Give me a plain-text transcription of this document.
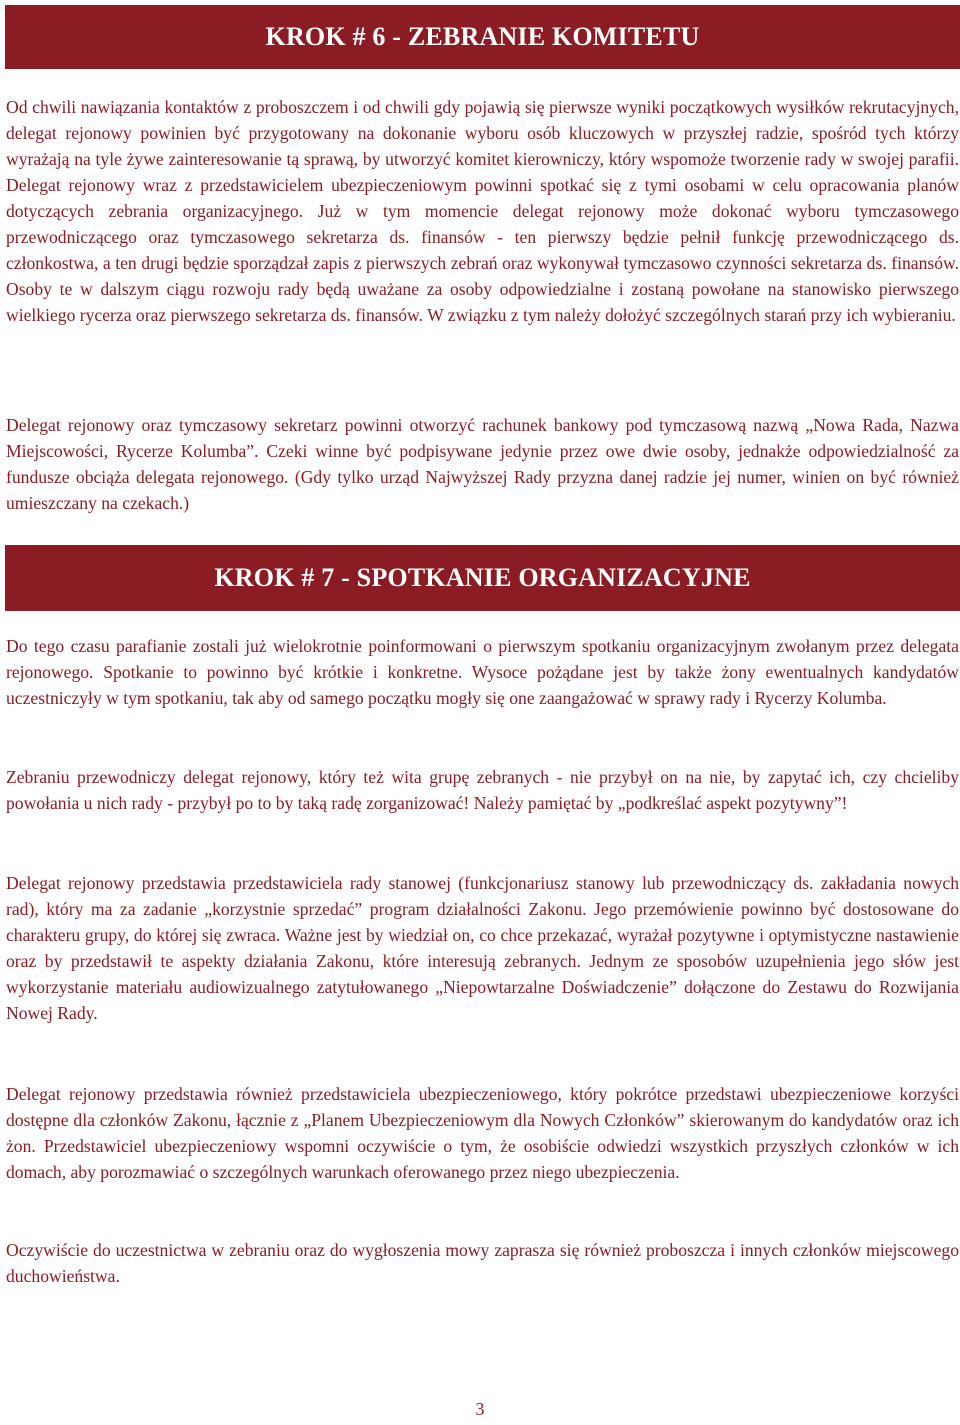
KROK # 6 - ZEBRANIE KOMITETU

Od chwili nawiązania kontaktów z proboszczem i od chwili gdy pojawią się pierwsze wyniki początkowych wysiłków rekrutacyjnych, delegat rejonowy powinien być przygotowany na dokonanie wyboru osób kluczowych w przyszłej radzie, spośród tych którzy wyrażają na tyle żywe zainteresowanie tą sprawą, by utworzyć komitet kierowniczy, który wspomoże tworzenie rady w swojej parafii. Delegat rejonowy wraz z przedstawicielem ubezpieczeniowym powinni spotkać się z tymi osobami w celu opracowania planów dotyczących zebrania organizacyjnego. Już w tym momencie delegat rejonowy może dokonać wyboru tymczasowego przewodniczącego oraz tymczasowego sekretarza ds. finansów - ten pierwszy będzie pełnił funkcję przewodniczącego ds. członkostwa, a ten drugi będzie sporządzał zapis z pierwszych zebrań oraz wykonywał tymczasowo czynności sekretarza ds. finansów. Osoby te w dalszym ciągu rozwoju rady będą uważane za osoby odpowiedzialne i zostaną powołane na stanowisko pierwszego wielkiego rycerza oraz pierwszego sekretarza ds. finansów. W związku z tym należy dołożyć szczególnych starań przy ich wybieraniu.

Delegat rejonowy oraz tymczasowy sekretarz powinni otworzyć rachunek bankowy pod tymczasową nazwą „Nowa Rada, Nazwa Miejscowości, Rycerze Kolumba”. Czeki winne być podpisywane jedynie przez owe dwie osoby, jednakże odpowiedzialność za fundusze obciąża delegata rejonowego. (Gdy tylko urząd Najwyższej Rady przyzna danej radzie jej numer, winien on być również umieszczany na czekach.)

KROK # 7 - SPOTKANIE ORGANIZACYJNE

Do tego czasu parafianie zostali już wielokrotnie poinformowani o pierwszym spotkaniu organizacyjnym zwołanym przez delegata rejonowego. Spotkanie to powinno być krótkie i konkretne. Wysoce pożądane jest by także żony ewentualnych kandydatów uczestniczyły w tym spotkaniu, tak aby od samego początku mogły się one zaangażować w sprawy rady i Rycerzy Kolumba.

Zebraniu przewodniczy delegat rejonowy, który też wita grupę zebranych - nie przybył on na nie, by zapytać ich, czy chcieliby powołania u nich rady - przybył po to by taką radę zorganizować! Należy pamiętać by „podkreślać aspekt pozytywny”!

Delegat rejonowy przedstawia przedstawiciela rady stanowej (funkcjonariusz stanowy lub przewodniczący ds. zakładania nowych rad), który ma za zadanie „korzystnie sprzedać” program działalności Zakonu. Jego przemówienie powinno być dostosowane do charakteru grupy, do której się zwraca. Ważne jest by wiedział on, co chce przekazać, wyrażał pozytywne i optymistyczne nastawienie oraz by przedstawił te aspekty działania Zakonu, które interesują zebranych. Jednym ze sposobów uzupełnienia jego słów jest wykorzystanie materiału audiowizualnego zatytułowanego „Niepowtarzalne Doświadczenie” dołączone do Zestawu do Rozwijania Nowej Rady.

Delegat rejonowy przedstawia również przedstawiciela ubezpieczeniowego, który pokrótce przedstawi ubezpieczeniowe korzyści dostępne dla członków Zakonu, łącznie z „Planem Ubezpieczeniowym dla Nowych Członków” skierowanym do kandydatów oraz ich żon. Przedstawiciel ubezpieczeniowy wspomni oczywiście o tym, że osobiście odwiedzi wszystkich przyszłych członków w ich domach, aby porozmawiać o szczególnych warunkach oferowanego przez niego ubezpieczenia.

Oczywiście do uczestnictwa w zebraniu oraz do wygłoszenia mowy zaprasza się również proboszcza i innych członków miejscowego duchowieństwa.

3
